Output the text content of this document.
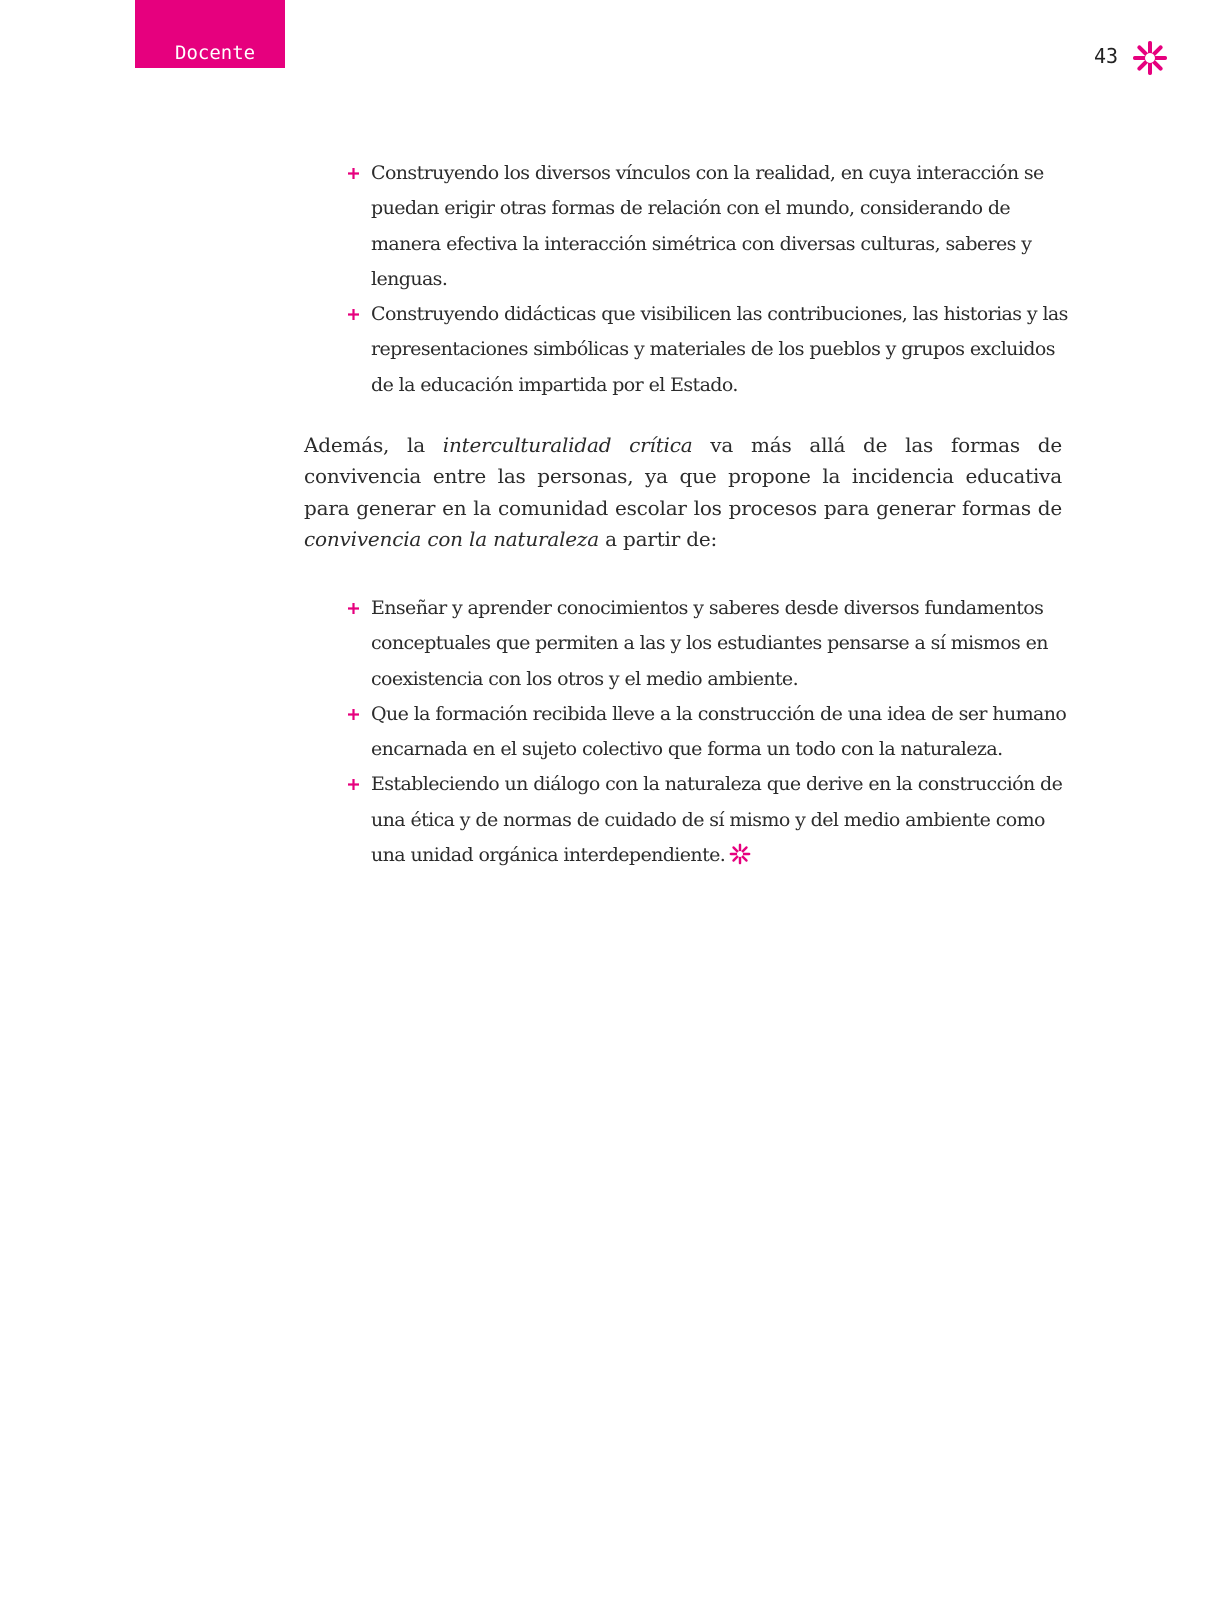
Docente	43
Construyendo los diversos vínculos con la realidad, en cuya interacción se puedan erigir otras formas de relación con el mundo, considerando de manera efectiva la interacción simétrica con diversas culturas, saberes y lenguas.
Construyendo didácticas que visibilicen las contribuciones, las historias y las representaciones simbólicas y materiales de los pueblos y grupos excluidos de la educación impartida por el Estado.

Además, la interculturalidad crítica va más allá de las formas de convivencia entre las personas, ya que propone la incidencia educativa para generar en la comunidad escolar los procesos para generar formas de convivencia con la naturaleza a partir de:

Enseñar y aprender conocimientos y saberes desde diversos fundamentos conceptuales que permiten a las y los estudiantes pensarse a sí mismos en coexistencia con los otros y el medio ambiente.
Que la formación recibida lleve a la construcción de una idea de ser humano encarnada en el sujeto colectivo que forma un todo con la naturaleza.
Estableciendo un diálogo con la naturaleza que derive en la construcción de una ética y de normas de cuidado de sí mismo y del medio ambiente como una unidad orgánica interdependiente.
